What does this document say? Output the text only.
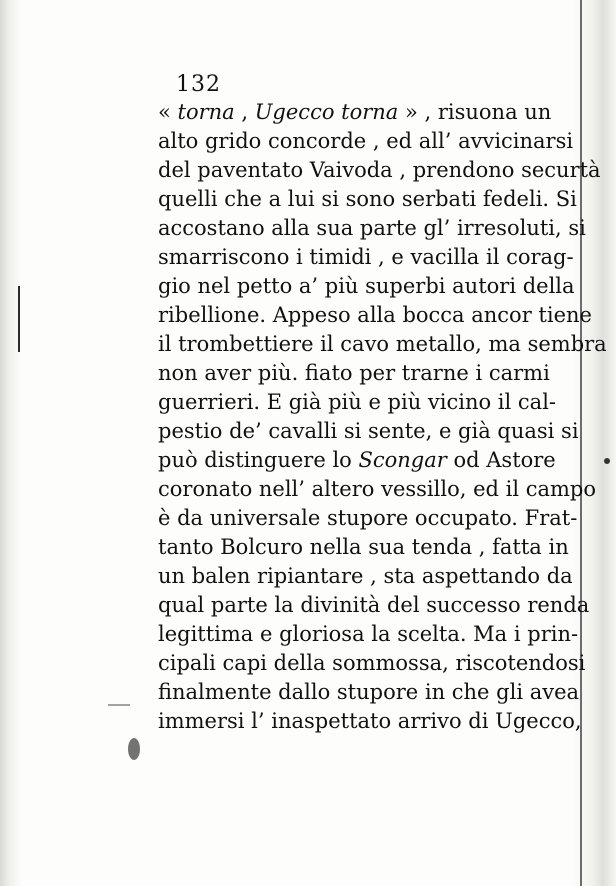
132
« torna , Ugecco torna » , risuona un
alto grido concorde , ed all’ avvicinarsi
del paventato Vaivoda , prendono securtà
quelli che a lui si sono serbati fedeli. Si
accostano alla sua parte gl’ irresoluti, si
smarriscono i timidi , e vacilla il corag-
gio nel petto a’ più superbi autori della
ribellione. Appeso alla bocca ancor tiene
il trombettiere il cavo metallo, ma sembra
non aver più. fiato per trarne i carmi
guerrieri. E già più e più vicino il cal-
pestio de’ cavalli si sente, e già quasi si
può distinguere lo Scongar od Astore
coronato nell’ altero vessillo, ed il campo
è da universale stupore occupato. Frat-
tanto Bolcuro nella sua tenda , fatta in
un balen ripiantare , sta aspettando da
qual parte la divinità del successo renda
legittima e gloriosa la scelta. Ma i prin-
cipali capi della sommossa, riscotendosi
finalmente dallo stupore in che gli avea
immersi l’ inaspettato arrivo di Ugecco,
